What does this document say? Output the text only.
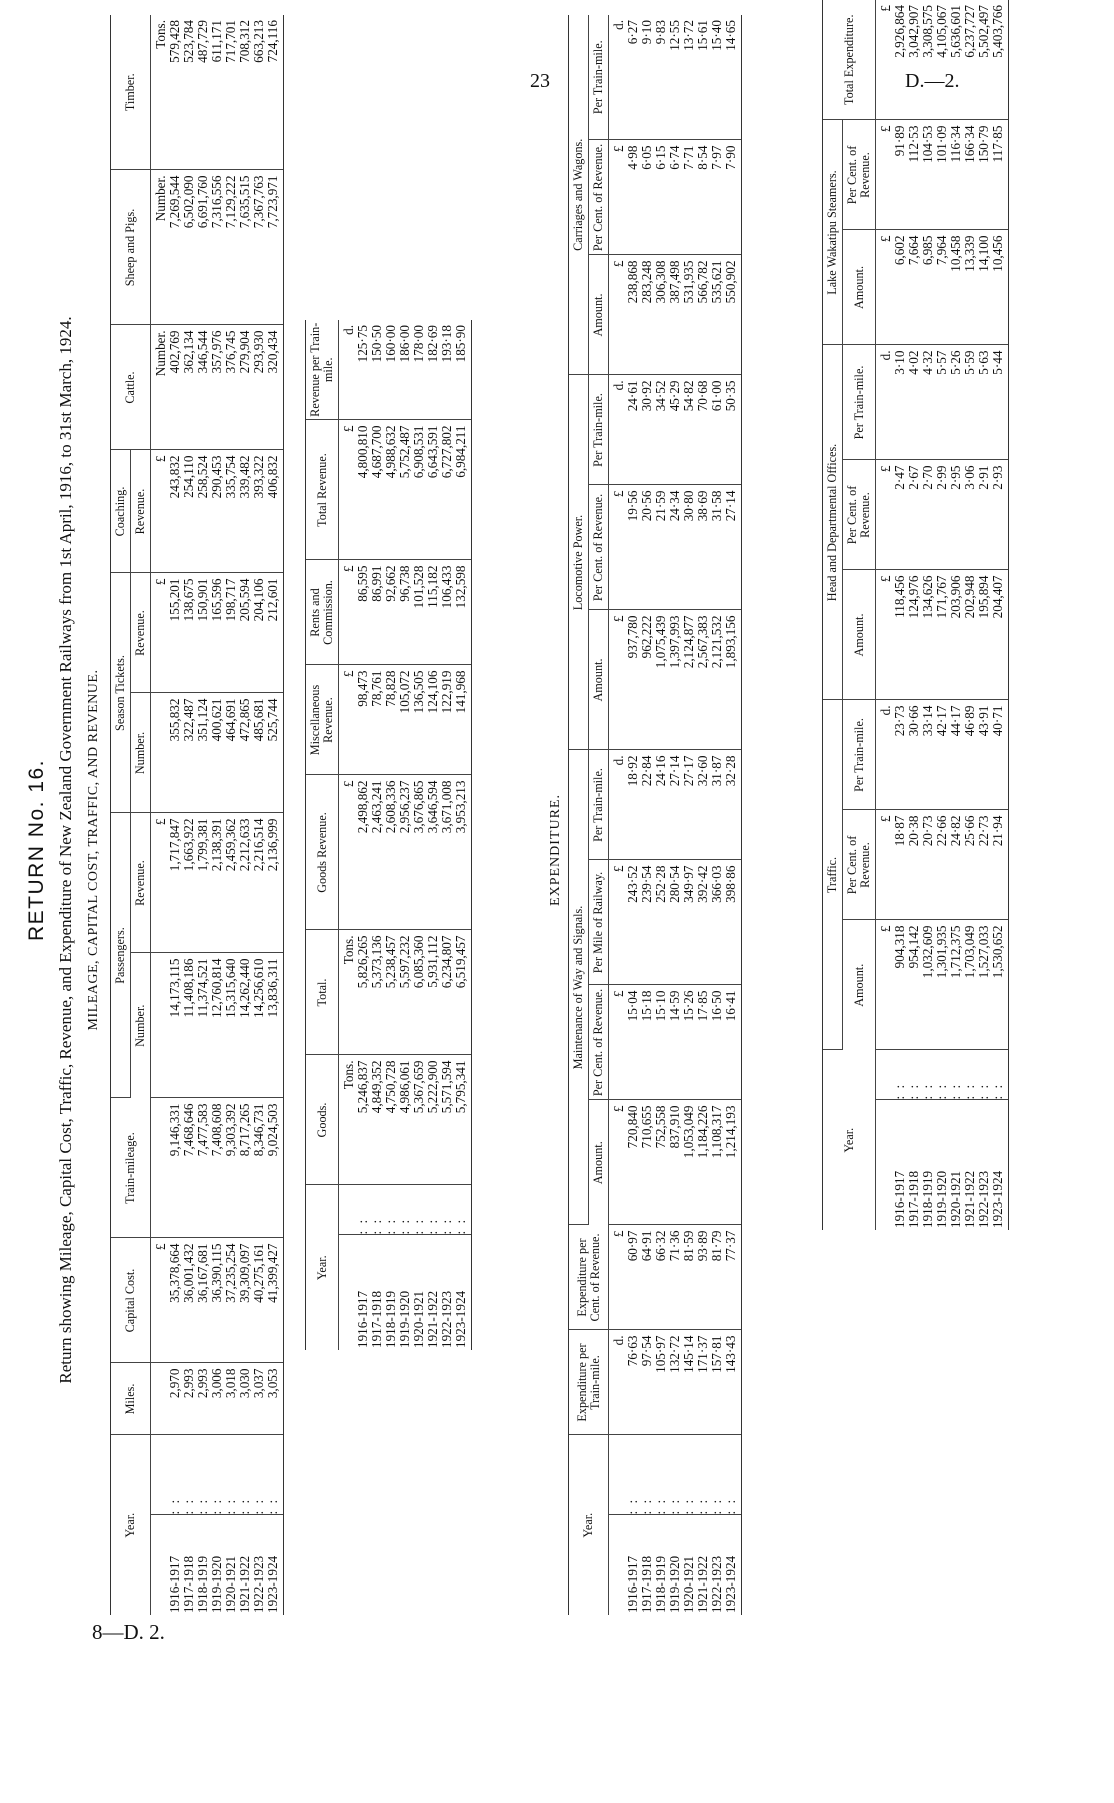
23	D.—2.
8—D. 2.
RETURN No. 16. Return showing Mileage, Capital Cost, Traffic, Revenue, and Expenditure of New Zealand Government Railways from 1st April, 1916, to 31st March, 1924. MILEAGE, CAPITAL COST, TRAFFIC, AND REVENUE.
Year.		Miles.	Capital Cost.	Train-mileage.	Passengers.		Season Tickets.		Coaching.	Cattle.	Sheep and Pigs.	Timber.
					Number.	Revenue.	Number.	Revenue.	Revenue.			
			£			£		£	£	Number.	Number.	Tons.
1916-1917	: :	2,970	35,378,664	9,146,331	14,173,115	1,717,847	355,832	155,201	243,832	402,769	7,269,544	579,428
1917-1918	: :	2,993	36,001,432	7,468,646	11,408,186	1,663,922	322,487	138,675	254,110	362,134	6,502,090	523,784
1918-1919	: :	2,993	36,167,681	7,477,583	11,374,521	1,799,381	351,124	150,901	258,524	346,544	6,691,760	487,729
1919-1920	: :	3,006	36,390,115	7,408,608	12,760,814	2,138,391	400,621	165,596	290,453	357,976	7,316,556	611,171
1920-1921	: :	3,018	37,235,254	9,303,392	15,315,640	2,459,362	464,691	198,717	335,754	376,745	7,129,222	717,701
1921-1922	: :	3,030	39,309,097	8,717,265	14,262,440	2,212,633	472,865	205,594	339,482	279,904	7,635,515	708,312
1922-1923	: :	3,037	40,275,161	8,346,731	14,256,610	2,216,514	485,681	204,106	393,322	293,930	7,367,763	663,213
1923-1924	: :	3,053	41,399,427	9,024,503	13,836,311	2,136,999	525,744	212,601	406,832	320,434	7,723,971	724,116
Year.		Goods.	Total.	Goods Revenue.	Miscellaneous Revenue.	Rents and Commission.	Total Revenue.	Revenue per Train-mile.
		Tons.	Tons.	£	£	£	£	d.
1916-1917	: :	5,246,837	5,826,265	2,498,862	98,473	86,595	4,800,810	125·75
1917-1918	: :	4,849,352	5,373,136	2,463,241	78,761	86,991	4,687,700	150·50
1918-1919	: :	4,750,728	5,238,457	2,608,336	78,828	92,662	4,988,632	160·00
1919-1920	: :	4,986,061	5,597,232	2,956,237	105,072	96,738	5,752,487	186·00
1920-1921	: :	5,367,659	6,085,360	3,676,865	136,505	101,528	6,908,531	178·00
1921-1922	: :	5,222,900	5,931,112	3,646,594	124,106	115,182	6,643,591	182·69
1922-1923	: :	5,571,594	6,234,807	3,671,008	122,919	106,433	6,727,802	193·18
1923-1924	: :	5,795,341	6,519,457	3,953,213	141,968	132,598	6,984,211	185·90
EXPENDITURE.
Year.		Expenditure per Train-mile.	Expenditure per Cent. of Revenue.	Maintenance of Way and Signals.				Locomotive Power.			Carriages and Wagons.		
				Amount.	Per Cent. of Revenue.	Per Mile of Railway.	Per Train-mile.	Amount.	Per Cent. of Revenue.	Per Train-mile.	Amount.	Per Cent. of Revenue.	Per Train-mile.
		d.	£	£	£	£	d.	£	£	d.	£	£	d.
1916-1917	: :	76·63	60·97	720,840	15·04	243·52	18·92	937,780	19·56	24·61	238,868	4·98	6·27
1917-1918	: :	97·54	64·91	710,655	15·18	239·54	22·84	962,222	20·56	30·92	283,248	6·05	9·10
1918-1919	: :	105·97	66·32	752,558	15·10	252·28	24·16	1,075,439	21·59	34·52	306,308	6·15	9·83
1919-1920	: :	132·72	71·36	837,910	14·59	280·54	27·14	1,397,993	24·34	45·29	387,498	6·74	12·55
1920-1921	: :	145·14	81·59	1,053,049	15·26	349·97	27·17	2,124,877	30·80	54·82	531,935	7·71	13·72
1921-1922	: :	171·37	93·89	1,184,226	17·85	392·42	32·60	2,567,383	38·69	70·68	566,782	8·54	15·61
1922-1923	: :	157·81	81·79	1,108,317	16·50	366·03	31·87	2,121,532	31·58	61·00	535,621	7·97	15·40
1923-1924	: :	143·43	77·37	1,214,193	16·41	398·86	32·28	1,893,156	27·14	50·35	550,902	7·90	14·65
Year.		Traffic.			Head and Departmental Offices.			Lake Wakatipu Steamers.		Total Expenditure.
		Amount.	Per Cent. of Revenue.	Per Train-mile.	Amount.	Per Cent. of Revenue.	Per Train-mile.	Amount.	Per Cent. of Revenue.	
		£	£	d.	£	£	d.	£	£	£
1916-1917	: :	904,318	18·87	23·73	118,456	2·47	3·10	6,602	91·89	2,926,864
1917-1918	: :	954,142	20·38	30·66	124,976	2·67	4·02	7,664	112·53	3,042,907
1918-1919	: :	1,032,609	20·73	33·14	134,626	2·70	4·32	6,985	104·53	3,308,575
1919-1920	: :	1,301,935	22·66	42·17	171,767	2·99	5·57	7,964	101·09	4,105,067
1920-1921	: :	1,712,375	24·82	44·17	203,906	2·95	5·26	10,458	116·34	5,636,601
1921-1922	: :	1,703,049	25·66	46·89	202,948	3·06	5·59	13,339	166·34	6,237,727
1922-1923	: :	1,527,033	22·73	43·91	195,894	2·91	5·63	14,100	150·79	5,502,497
1923-1924	: :	1,530,652	21·94	40·71	204,407	2·93	5·44	10,456	117·85	5,403,766
